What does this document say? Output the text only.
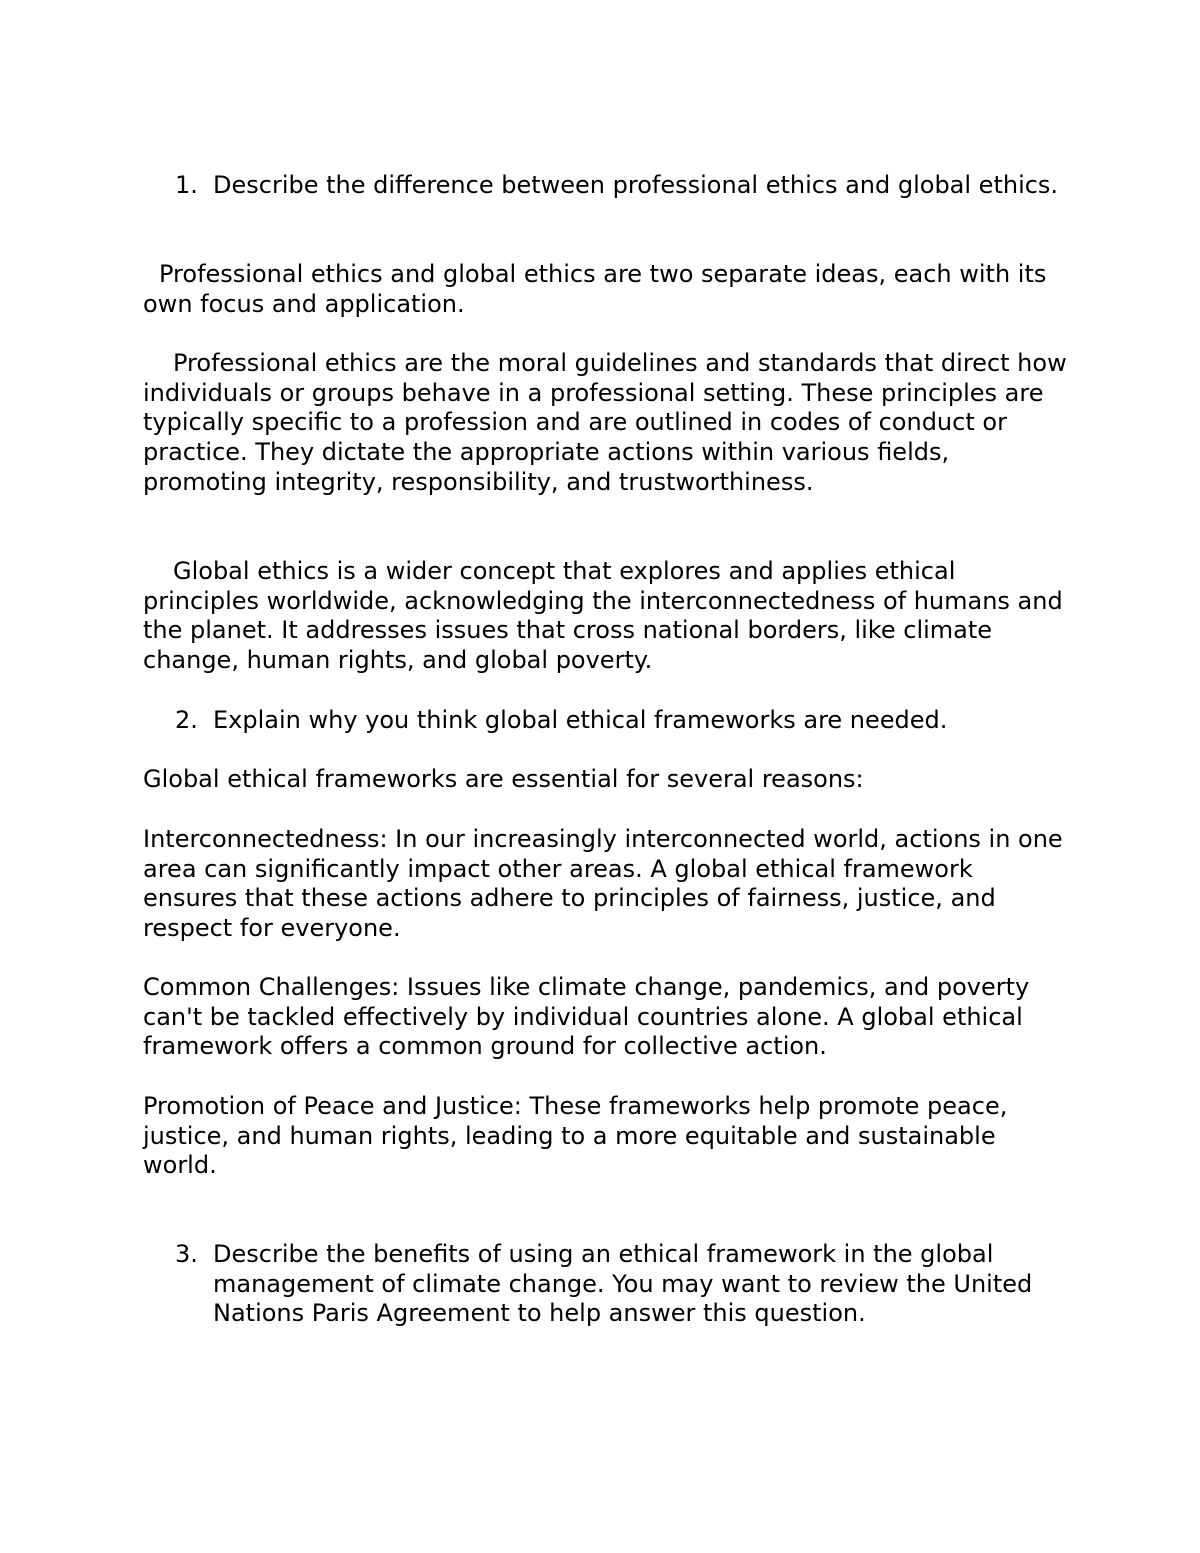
1. Describe the difference between professional ethics and global ethics.

Professional ethics and global ethics are two separate ideas, each with its own focus and application.

Professional ethics are the moral guidelines and standards that direct how individuals or groups behave in a professional setting. These principles are typically specific to a profession and are outlined in codes of conduct or practice. They dictate the appropriate actions within various fields, promoting integrity, responsibility, and trustworthiness.

Global ethics is a wider concept that explores and applies ethical principles worldwide, acknowledging the interconnectedness of humans and the planet. It addresses issues that cross national borders, like climate change, human rights, and global poverty.

2. Explain why you think global ethical frameworks are needed.

Global ethical frameworks are essential for several reasons:

Interconnectedness: In our increasingly interconnected world, actions in one area can significantly impact other areas. A global ethical framework ensures that these actions adhere to principles of fairness, justice, and respect for everyone.

Common Challenges: Issues like climate change, pandemics, and poverty can't be tackled effectively by individual countries alone. A global ethical framework offers a common ground for collective action.

Promotion of Peace and Justice: These frameworks help promote peace, justice, and human rights, leading to a more equitable and sustainable world.

3. Describe the benefits of using an ethical framework in the global management of climate change. You may want to review the United Nations Paris Agreement to help answer this question.
